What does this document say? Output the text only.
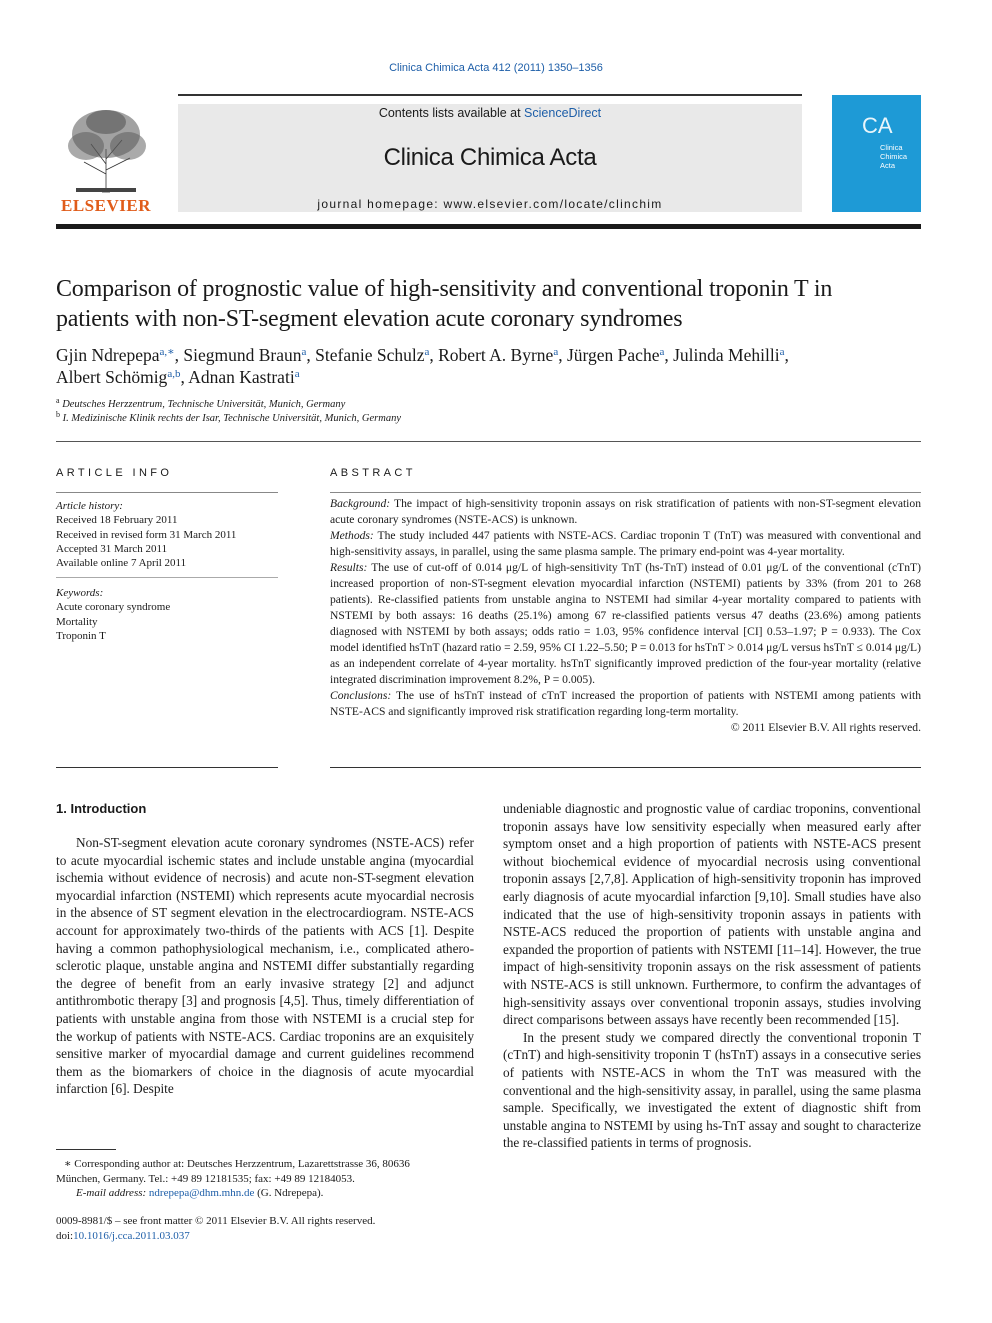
Clinica Chimica Acta 412 (2011) 1350–1356
ELSEVIER
Contents lists available at ScienceDirect
Clinica Chimica Acta
journal homepage: www.elsevier.com/locate/clinchim
CA
Clinica
Chimica
Acta
Comparison of prognostic value of high-sensitivity and conventional troponin T in
patients with non-ST-segment elevation acute coronary syndromes
Gjin Ndrepepa$^{a,∗}$, Siegmund Braun$^a$, Stefanie Schulz$^a$, Robert A. Byrne$^a$, Jürgen Pache$^a$, Julinda Mehilli$^a$,
Albert Schömig$^{a,b}$, Adnan Kastrati$^a$
$^a$ Deutsches Herzzentrum, Technische Universität, Munich, Germany
$^b$ I. Medizinische Klinik rechts der Isar, Technische Universität, Munich, Germany
ARTICLE INFO
Article history:
Received 18 February 2011
Received in revised form 31 March 2011
Accepted 31 March 2011
Available online 7 April 2011
Keywords:
Acute coronary syndrome
Mortality
Troponin T
ABSTRACT

Background: The impact of high-sensitivity troponin assays on risk stratification of patients with non-ST-segment elevation acute coronary syndromes (NSTE-ACS) is unknown.

Methods: The study included 447 patients with NSTE-ACS. Cardiac troponin T (TnT) was measured with conventional and high-sensitivity assays, in parallel, using the same plasma sample. The primary end-point was 4-year mortality.

Results: The use of cut-off of 0.014 μg/L of high-sensitivity TnT (hs-TnT) instead of 0.01 μg/L of the conventional (cTnT) increased proportion of non-ST-segment elevation myocardial infarction (NSTEMI) patients by 33% (from 201 to 268 patients). Re-classified patients from unstable angina to NSTEMI had similar 4-year mortality compared to patients with NSTEMI by both assays: 16 deaths (25.1%) among 67 re-classified patients versus 47 deaths (23.6%) among patients diagnosed with NSTEMI by both assays; odds ratio = 1.03, 95% confidence interval [CI] 0.53–1.97; P = 0.933). The Cox model identified hsTnT (hazard ratio = 2.59, 95% CI 1.22–5.50; P = 0.013 for hsTnT > 0.014 μg/L versus hsTnT ≤ 0.014 μg/L) as an independent correlate of 4-year mortality. hsTnT significantly improved prediction of the four-year mortality (relative integrated discrimination improvement 8.2%, P = 0.005).

Conclusions: The use of hsTnT instead of cTnT increased the proportion of patients with NSTEMI among patients with NSTE-ACS and significantly improved risk stratification regarding long-term mortality.

© 2011 Elsevier B.V. All rights reserved.

1. Introduction

Non-ST-segment elevation acute coronary syndromes (NSTE-ACS) refer to acute myocardial ischemic states and include unstable angina (myocardial ischemia without evidence of necrosis) and acute non-ST-segment elevation myocardial infarction (NSTEMI) which represents acute myocardial necrosis in the absence of ST segment elevation in the electrocardiogram. NSTE-ACS account for approximately two-thirds of the patients with ACS [1]. Despite having a common pathophysiological mechanism, i.e., complicated atherosclerotic plaque, unstable angina and NSTEMI differ substantially regarding the degree of benefit from an early invasive strategy [2] and adjunct antithrombotic therapy [3] and prognosis [4,5]. Thus, timely differentiation of patients with unstable angina from those with NSTEMI is a crucial step for the workup of patients with NSTE-ACS. Cardiac troponins are an exquisitely sensitive marker of myocardial damage and current guidelines recommend them as the biomarkers of choice in the diagnosis of acute myocardial infarction [6]. Despite

undeniable diagnostic and prognostic value of cardiac troponins, conventional troponin assays have low sensitivity especially when measured early after symptom onset and a high proportion of patients with NSTE-ACS present without biochemical evidence of myocardial necrosis using conventional troponin assays [2,7,8]. Application of high-sensitivity troponin has improved early diagnosis of acute myocardial infarction [9,10]. Small studies have also indicated that the use of high-sensitivity troponin assays in patients with NSTE-ACS reduced the proportion of patients with unstable angina and expanded the proportion of patients with NSTEMI [11–14]. However, the true impact of high-sensitivity troponin assays on the risk assessment of patients with NSTE-ACS is still unknown. Furthermore, to confirm the advantages of high-sensitivity assays over conventional troponin assays, studies involving direct comparisons between assays have recently been recommended [15].

In the present study we compared directly the conventional troponin T (cTnT) and high-sensitivity troponin T (hsTnT) assays in a consecutive series of patients with NSTE-ACS in whom the TnT was measured with the conventional and the high-sensitivity assay, in parallel, using the same plasma sample. Specifically, we investigated the extent of diagnostic shift from unstable angina to NSTEMI by using hs-TnT assay and sought to characterize the re-classified patients in terms of prognosis.

∗ Corresponding author at: Deutsches Herzzentrum, Lazarettstrasse 36, 80636
München, Germany. Tel.: +49 89 12181535; fax: +49 89 12184053.
E-mail address: ndrepepa@dhm.mhn.de (G. Ndrepepa).
0009-8981/$ – see front matter © 2011 Elsevier B.V. All rights reserved.
doi:10.1016/j.cca.2011.03.037
